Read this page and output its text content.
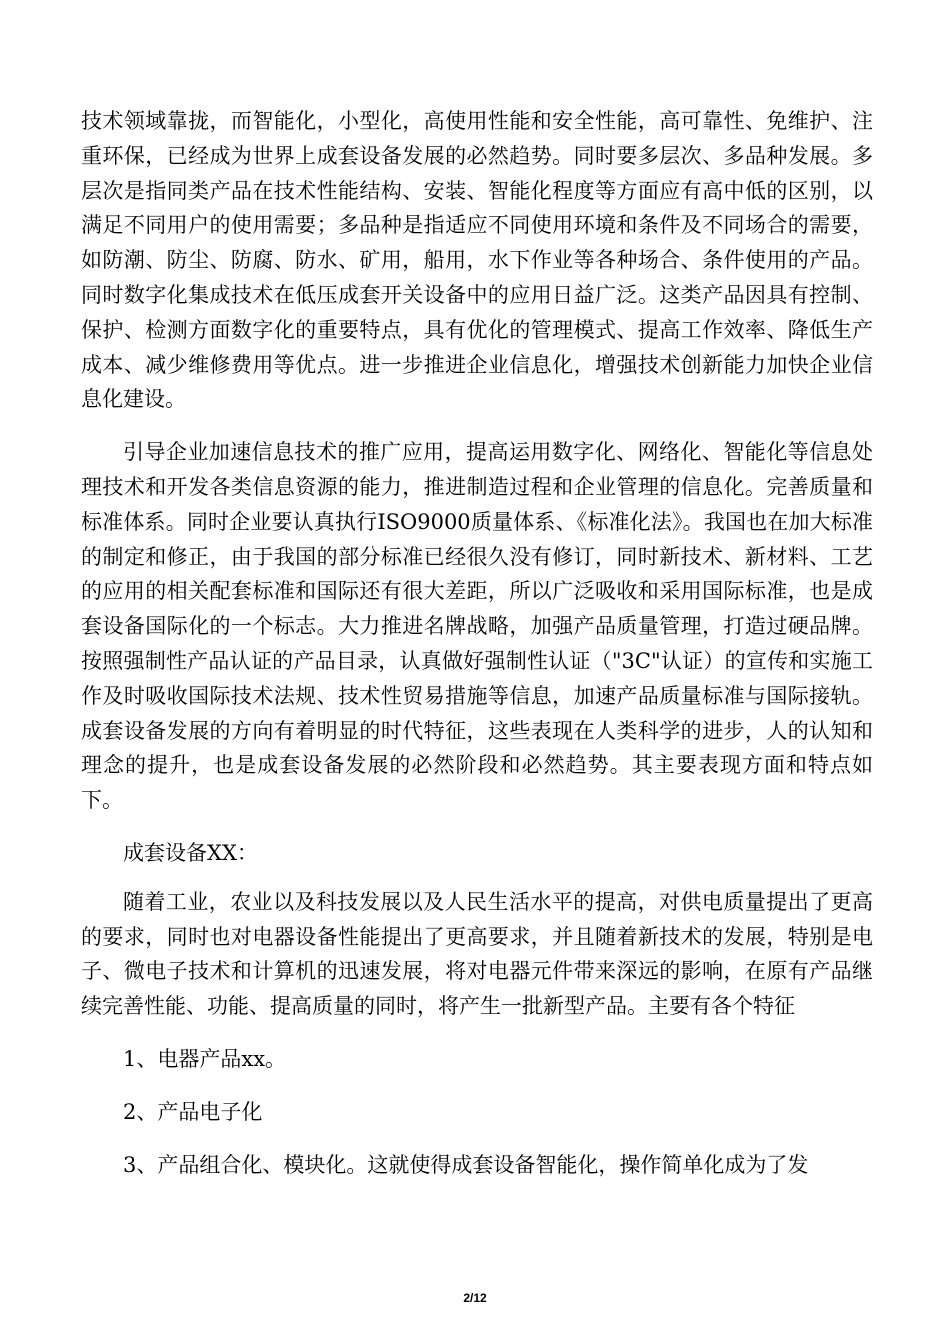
技术领域靠拢，而智能化，小型化，高使用性能和安全性能，高可靠性、免维护、注重环保，已经成为世界上成套设备发展的必然趋势。同时要多层次、多品种发展。多层次是指同类产品在技术性能结构、安装、智能化程度等方面应有高中低的区别，以满足不同用户的使用需要；多品种是指适应不同使用环境和条件及不同场合的需要，如防潮、防尘、防腐、防水、矿用，船用，水下作业等各种场合、条件使用的产品。同时数字化集成技术在低压成套开关设备中的应用日益广泛。这类产品因具有控制、保护、检测方面数字化的重要特点，具有优化的管理模式、提高工作效率、降低生产成本、减少维修费用等优点。进一步推进企业信息化，增强技术创新能力加快企业信息化建设。

引导企业加速信息技术的推广应用，提高运用数字化、网络化、智能化等信息处理技术和开发各类信息资源的能力，推进制造过程和企业管理的信息化。完善质量和标准体系。同时企业要认真执行ISO9000质量体系、《标准化法》。我国也在加大标准的制定和修正，由于我国的部分标准已经很久没有修订，同时新技术、新材料、工艺的应用的相关配套标准和国际还有很大差距，所以广泛吸收和采用国际标准，也是成套设备国际化的一个标志。大力推进名牌战略，加强产品质量管理，打造过硬品牌。按照强制性产品认证的产品目录，认真做好强制性认证（"3C"认证）的宣传和实施工作及时吸收国际技术法规、技术性贸易措施等信息，加速产品质量标准与国际接轨。成套设备发展的方向有着明显的时代特征，这些表现在人类科学的进步，人的认知和理念的提升，也是成套设备发展的必然阶段和必然趋势。其主要表现方面和特点如下。

成套设备XX：

随着工业，农业以及科技发展以及人民生活水平的提高，对供电质量提出了更高的要求，同时也对电器设备性能提出了更高要求，并且随着新技术的发展，特别是电子、微电子技术和计算机的迅速发展，将对电器元件带来深远的影响，在原有产品继续完善性能、功能、提高质量的同时，将产生一批新型产品。主要有各个特征

1、电器产品xx。

2、产品电子化

3、产品组合化、模块化。这就使得成套设备智能化，操作简单化成为了发

2/12
